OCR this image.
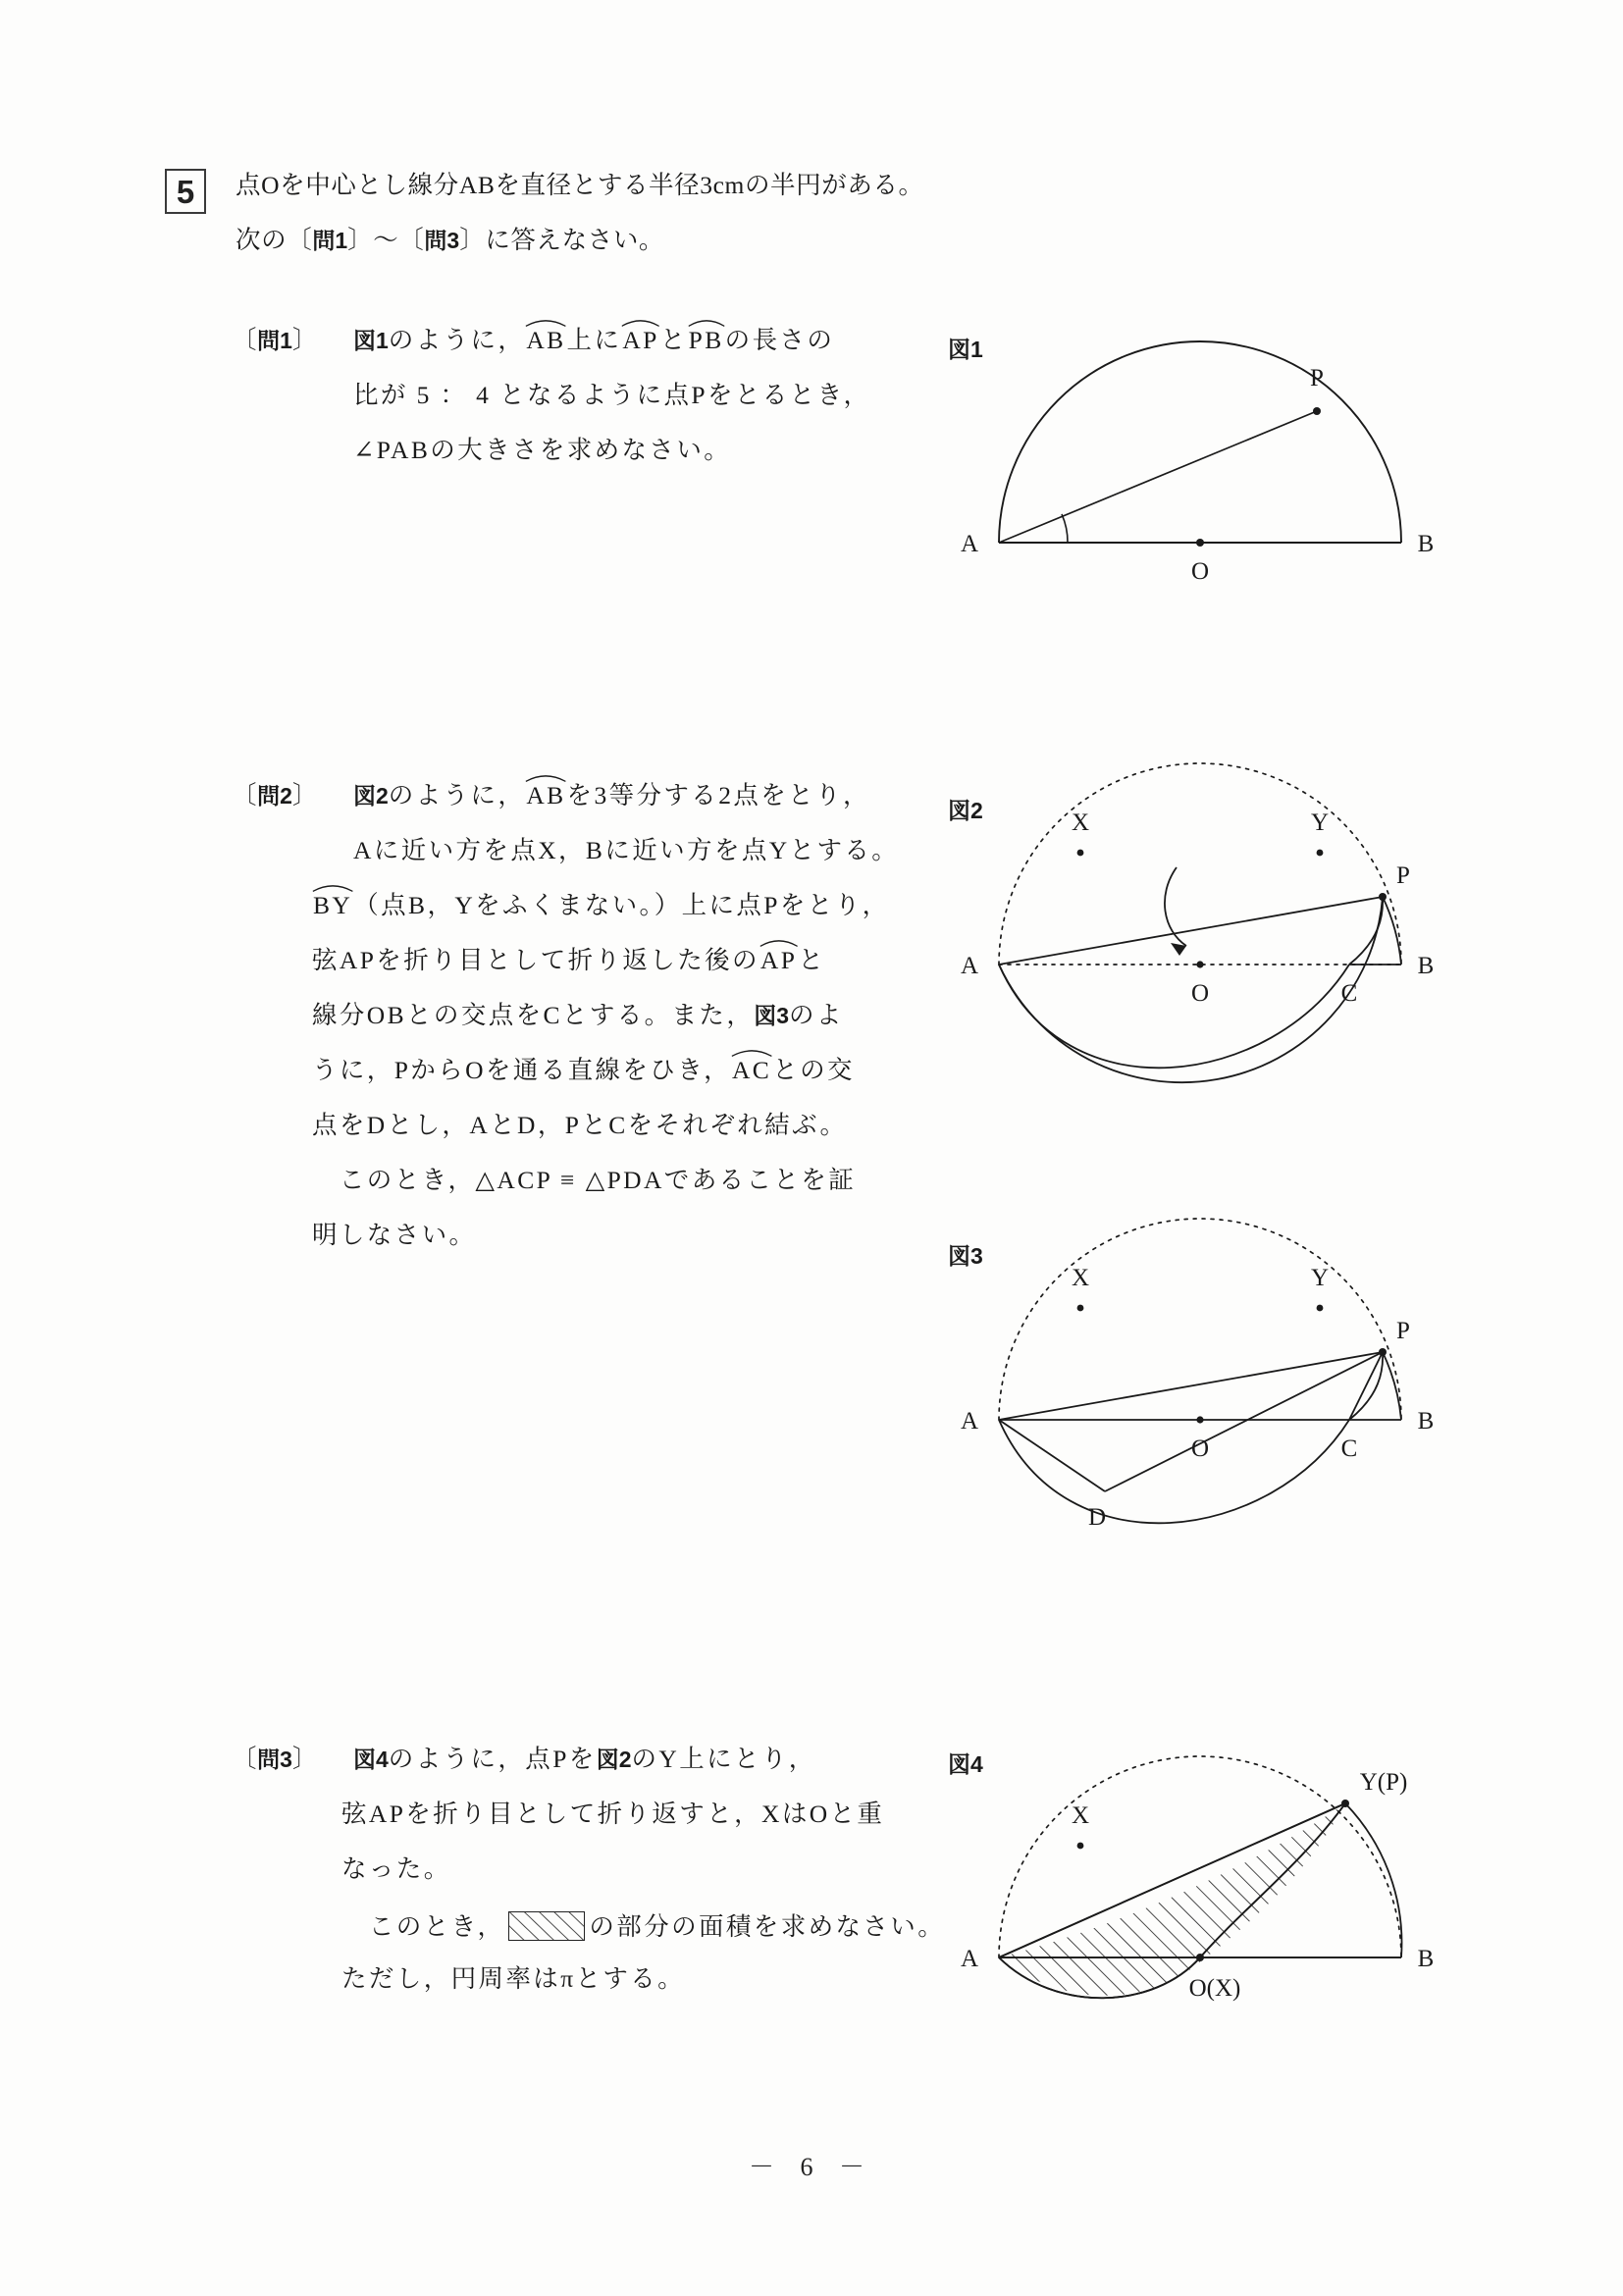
5 点Oを中心とし線分ABを直径とする半径3cmの半円がある。
次の〔問1〕～〔問3〕に答えなさい。
〔問1〕 図1のように，
AB上に
APと
PBの長さの
比が 5 ： 4 となるように点Pをとるとき，
∠PABの大きさを求めなさい。
図1
A	B
O
P
〔問2〕 図2のように，
ABを3等分する2点をとり，
Aに近い方を点X，Bに近い方を点Yとする。
BY（点B，Yをふくまない。）上に点Pをとり，
弦APを折り目として折り返した後の
APと
線分OBとの交点をCとする。また，図3のよ
うに，PからOを通る直線をひき，
ACとの交
点をDとし，AとD，PとCをそれぞれ結ぶ。
　このとき，△ACP ≡ △PDAであることを証
明しなさい。
図2
A	B
O	C
X	Y
P
図3
A	B
O	C
X	Y
P
D
〔問3〕 図4のように，点Pを図2のY上にとり，
弦APを折り目として折り返すと，XはOと重
なった。
　このとき，	の部分の面積を求めなさい。
ただし，円周率はπとする。
図4
A	B
X
Y(P)
O(X)
－ 6 －
